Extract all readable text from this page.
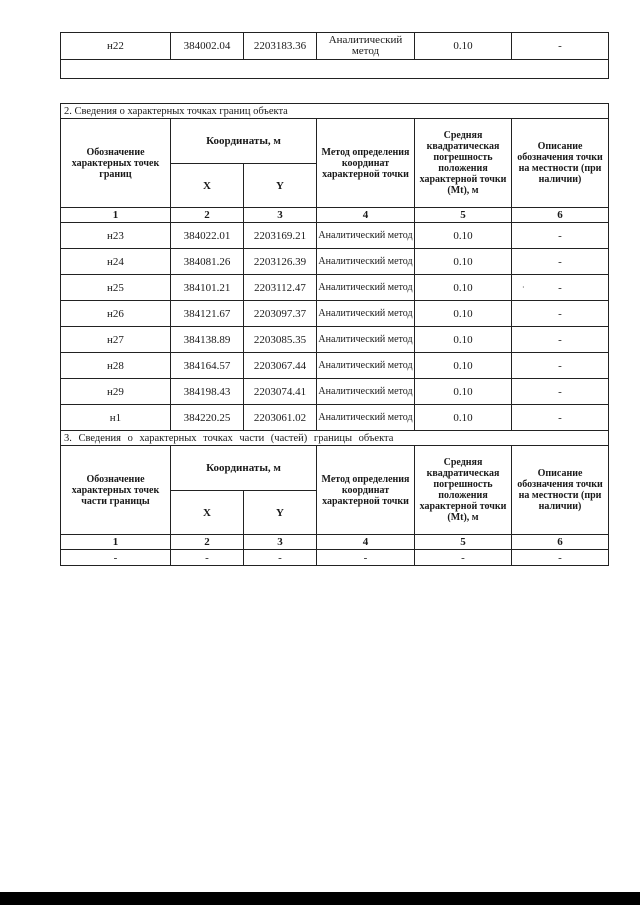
н22	384002.04	2203183.36	Аналитический метод	0.10	-

2. Сведения о характерных точках границ объекта					
Обозначение характерных точек границ	Координаты, м		Метод определения координат характерной точки	Средняя квадратическая погрешность положения характерной точки (Mt), м	Описание обозначения точки на местности (при наличии)
	X	Y			
1	2	3	4	5	6
н23	384022.01	2203169.21	Аналитический метод	0.10	-
н24	384081.26	2203126.39	Аналитический метод	0.10	-
н25	384101.21	2203112.47	Аналитический метод	0.10	-
н26	384121.67	2203097.37	Аналитический метод	0.10	-
н27	384138.89	2203085.35	Аналитический метод	0.10	-
н28	384164.57	2203067.44	Аналитический метод	0.10	-
н29	384198.43	2203074.41	Аналитический метод	0.10	-
н1	384220.25	2203061.02	Аналитический метод	0.10	-
3. Сведения о характерных точках части (частей) границы объекта					
Обозначение характерных точек части границы	Координаты, м		Метод определения координат характерной точки	Средняя квадратическая погрешность положения характерной точки (Mt), м	Описание обозначения точки на местности (при наличии)
	X	Y			
1	2	3	4	5	6
-	-	-	-	-	-
·
